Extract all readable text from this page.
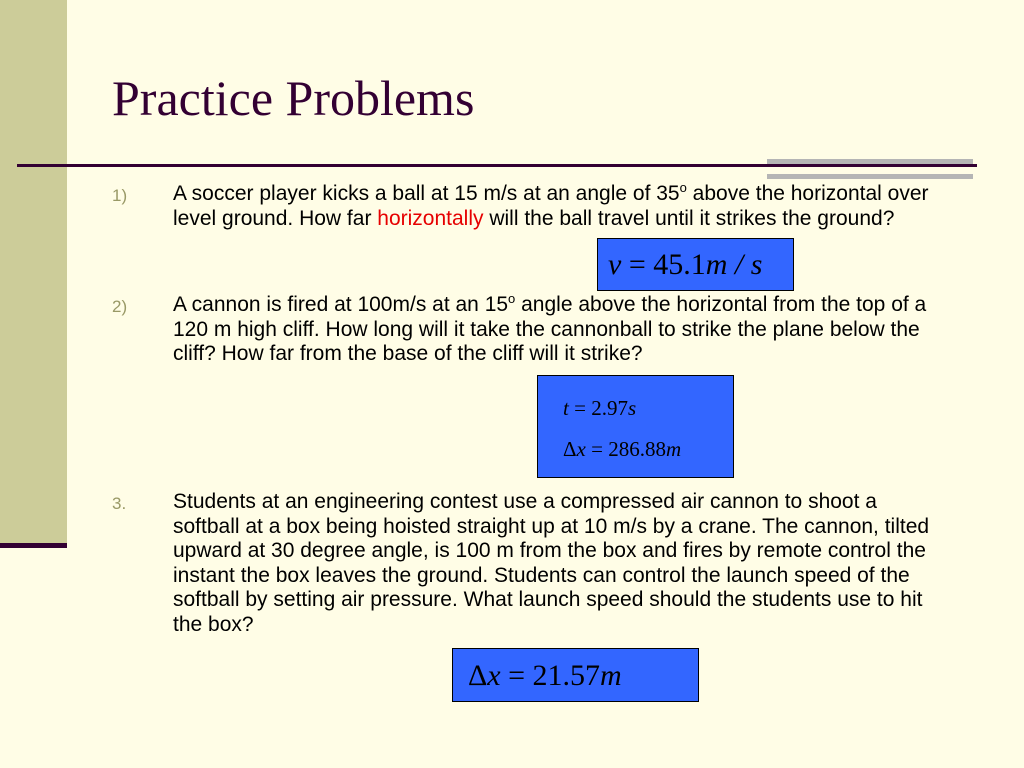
Practice Problems
1) A soccer player kicks a ball at 15 m/s at an angle of 35$^o$ above the horizontal over level ground. How far horizontally will the ball travel until it strikes the ground?

v = 45.1m / s
2) A cannon is fired at 100m/s at an 15$^o$ angle above the horizontal from the top of a 120 m high cliff. How long will it take the cannonball to strike the plane below the cliff? How far from the base of the cliff will it strike?

t = 2.97s
Δx = 286.88m
3. Students at an engineering contest use a compressed air cannon to shoot a softball at a box being hoisted straight up at 10 m/s by a crane. The cannon, tilted upward at 30 degree angle, is 100 m from the box and fires by remote control the instant the box leaves the ground. Students can control the launch speed of the softball by setting air pressure. What launch speed should the students use to hit the box?

Δx = 21.57m
